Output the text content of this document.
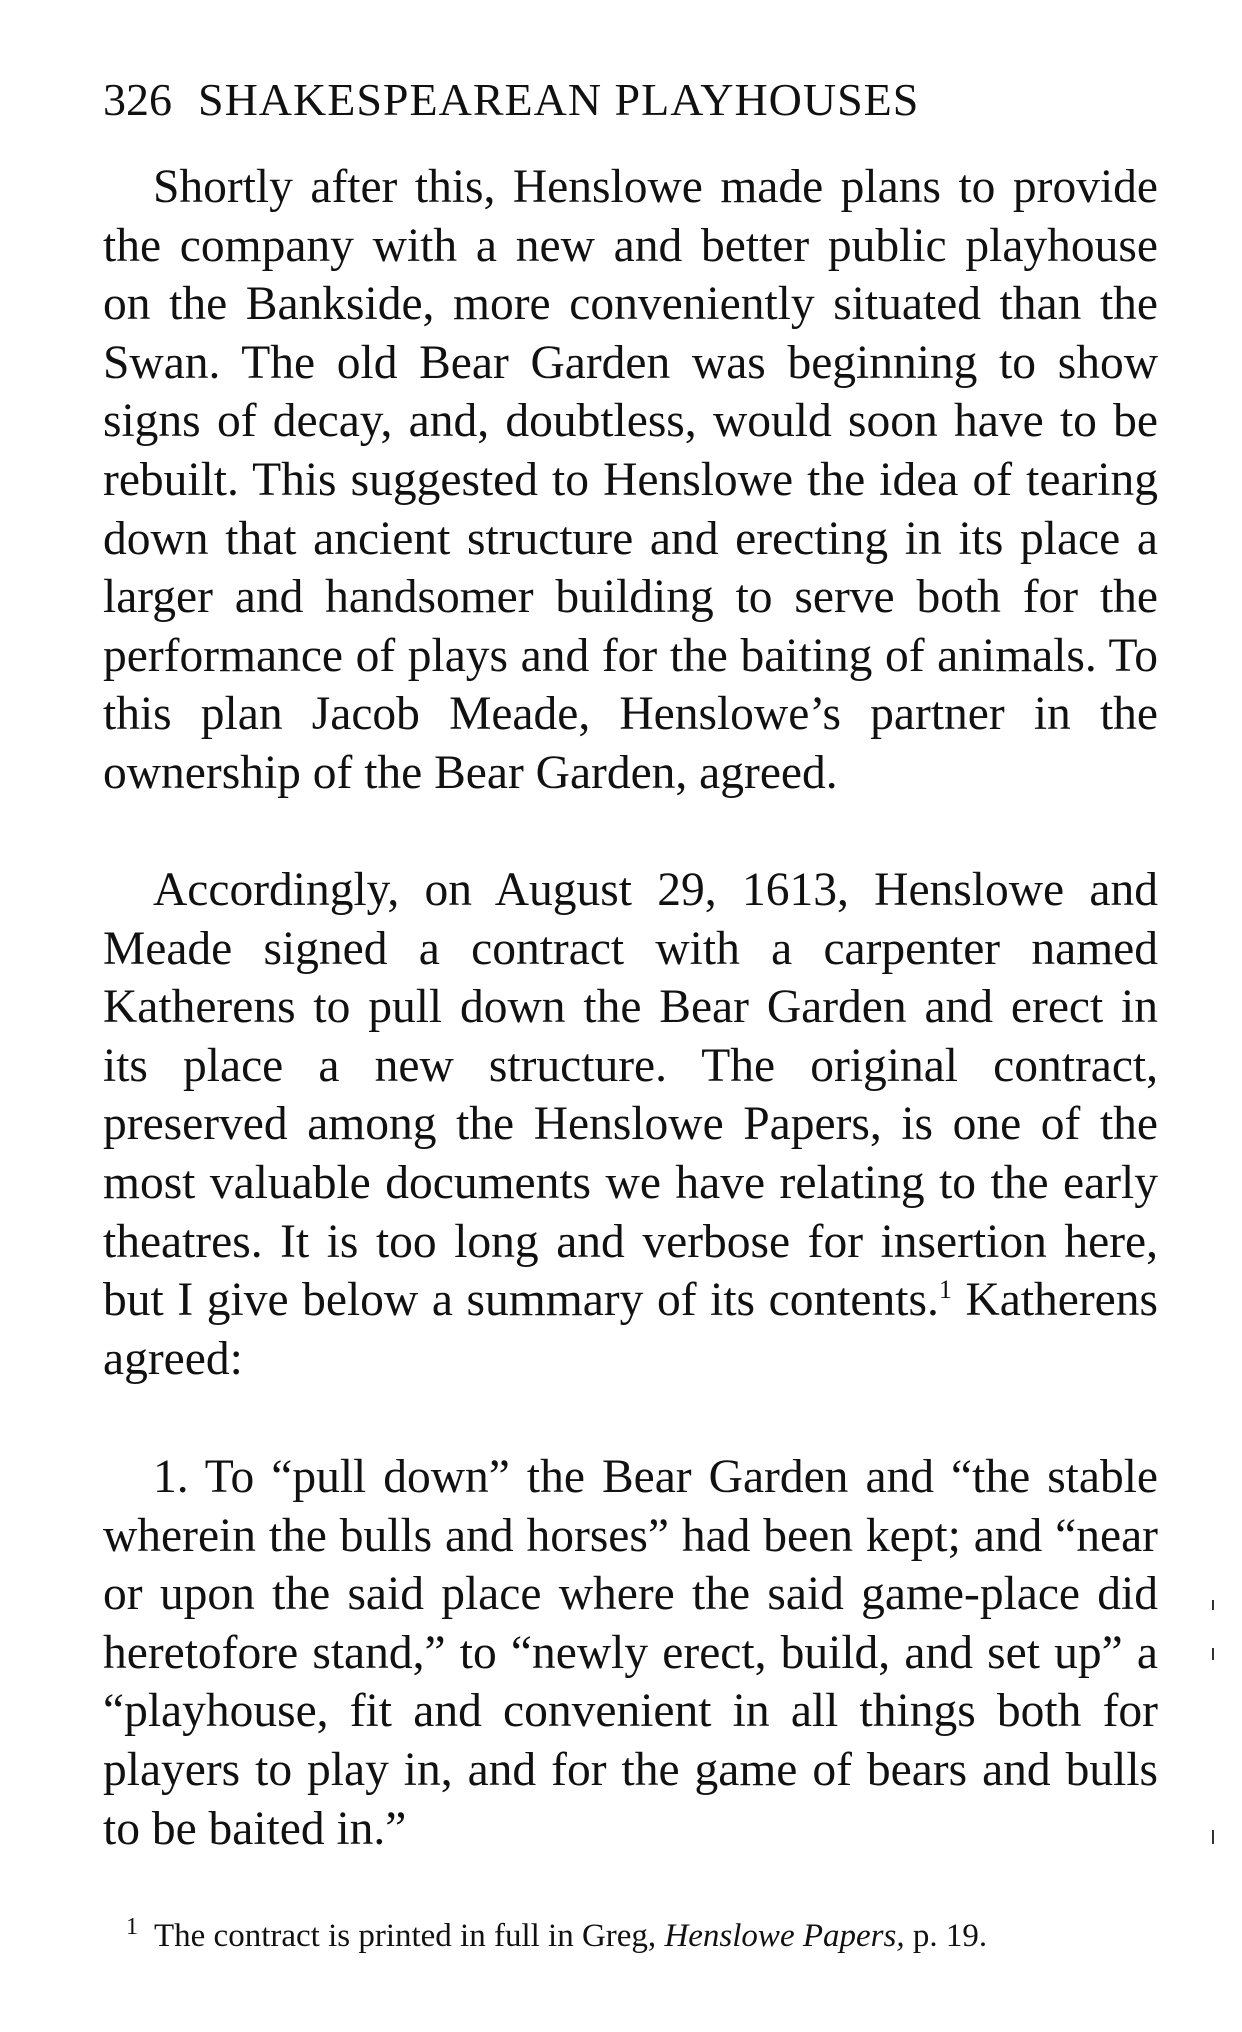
326 SHAKESPEAREAN PLAYHOUSES

Shortly after this, Henslowe made plans to provide the company with a new and better public playhouse on the Bankside, more conveniently situated than the Swan. The old Bear Garden was beginning to show signs of decay, and, doubtless, would soon have to be rebuilt. This suggested to Henslowe the idea of tearing down that ancient structure and erecting in its place a larger and handsomer building to serve both for the performance of plays and for the baiting of animals. To this plan Jacob Meade, Henslowe’s partner in the ownership of the Bear Garden, agreed.

Accordingly, on August 29, 1613, Henslowe and Meade signed a contract with a carpenter named Katherens to pull down the Bear Garden and erect in its place a new structure. The original contract, preserved among the Henslowe Papers, is one of the most valuable documents we have relating to the early theatres. It is too long and verbose for insertion here, but I give below a summary of its contents.$^1$ Katherens agreed:

1. To “pull down” the Bear Garden and “the stable wherein the bulls and horses” had been kept; and “near or upon the said place where the said game-place did heretofore stand,” to “newly erect, build, and set up” a “playhouse, fit and convenient in all things both for players to play in, and for the game of bears and bulls to be baited in.”

$^1$ The contract is printed in full in Greg, Henslowe Papers, p. 19.
